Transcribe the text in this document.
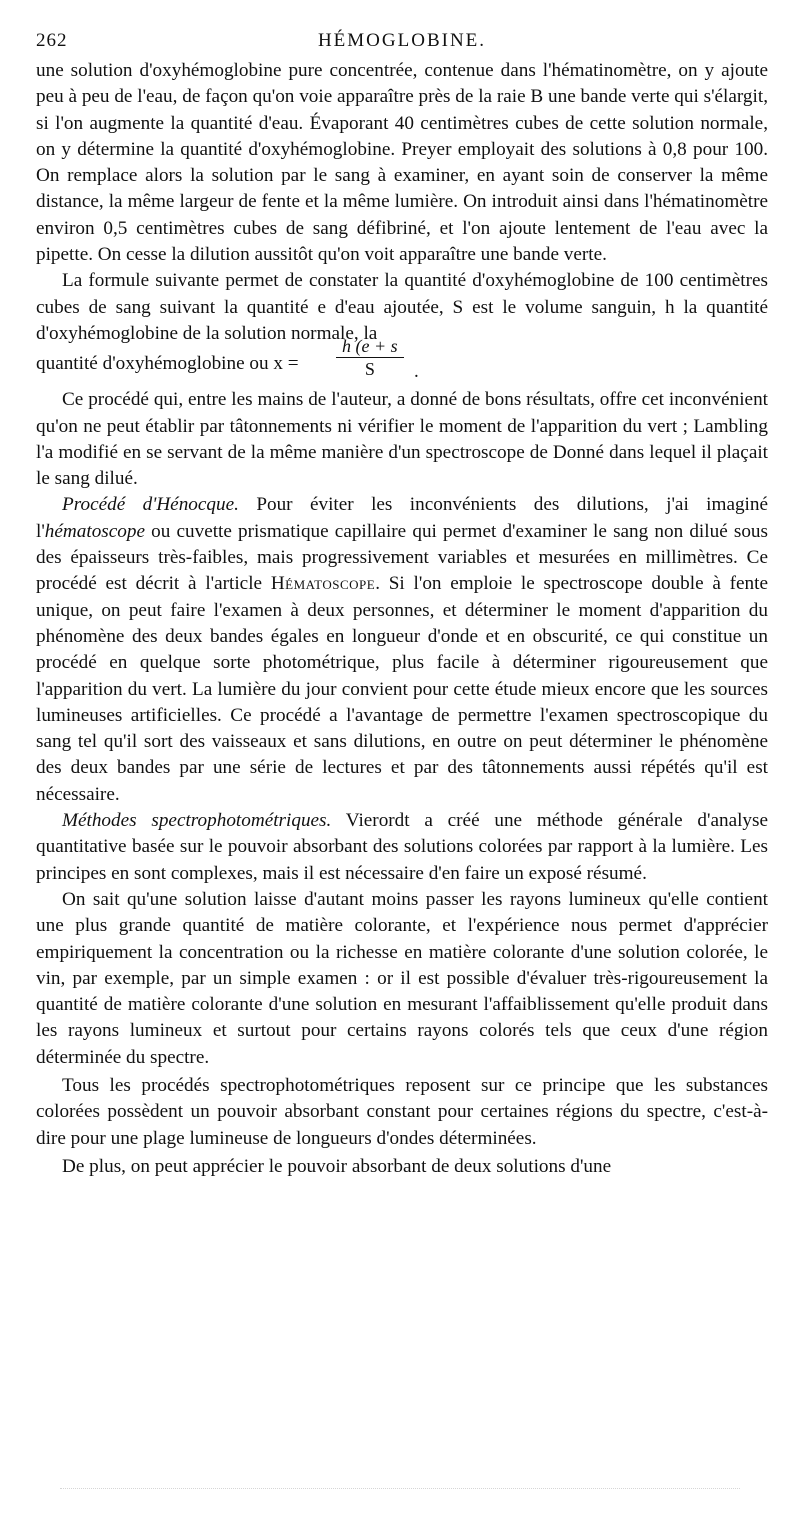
262	HÉMOGLOBINE.

une solution d'oxyhémoglobine pure concentrée, contenue dans l'hématinomètre, on y ajoute peu à peu de l'eau, de façon qu'on voie apparaître près de la raie B une bande verte qui s'élargit, si l'on augmente la quantité d'eau. Évaporant 40 centimètres cubes de cette solution normale, on y détermine la quantité d'oxyhémoglobine. Preyer employait des solutions à 0,8 pour 100. On remplace alors la solution par le sang à examiner, en ayant soin de conserver la même distance, la même largeur de fente et la même lumière. On introduit ainsi dans l'hématinomètre environ 0,5 centimètres cubes de sang défibriné, et l'on ajoute lentement de l'eau avec la pipette. On cesse la dilution aussitôt qu'on voit apparaître une bande verte.

La formule suivante permet de constater la quantité d'oxyhémoglobine de 100 centimètres cubes de sang suivant la quantité e d'eau ajoutée, S est le volume sanguin, h la quantité d'oxyhémoglobine de la solution normale, la

quantité d'oxyhémoglobine ou $x = \frac{h (e + s}{S}$ .

Ce procédé qui, entre les mains de l'auteur, a donné de bons résultats, offre cet inconvénient qu'on ne peut établir par tâtonnements ni vérifier le moment de l'apparition du vert ; Lambling l'a modifié en se servant de la même manière d'un spectroscope de Donné dans lequel il plaçait le sang dilué.

Procédé d'Hénocque. Pour éviter les inconvénients des dilutions, j'ai imaginé l'hématoscope ou cuvette prismatique capillaire qui permet d'examiner le sang non dilué sous des épaisseurs très-faibles, mais progressivement variables et mesurées en millimètres. Ce procédé est décrit à l'article Hématoscope. Si l'on emploie le spectroscope double à fente unique, on peut faire l'examen à deux personnes, et déterminer le moment d'apparition du phénomène des deux bandes égales en longueur d'onde et en obscurité, ce qui constitue un procédé en quelque sorte photométrique, plus facile à déterminer rigoureusement que l'apparition du vert. La lumière du jour convient pour cette étude mieux encore que les sources lumineuses artificielles. Ce procédé a l'avantage de permettre l'examen spectroscopique du sang tel qu'il sort des vaisseaux et sans dilutions, en outre on peut déterminer le phénomène des deux bandes par une série de lectures et par des tâtonnements aussi répétés qu'il est nécessaire.

Méthodes spectrophotométriques. Vierordt a créé une méthode générale d'analyse quantitative basée sur le pouvoir absorbant des solutions colorées par rapport à la lumière. Les principes en sont complexes, mais il est nécessaire d'en faire un exposé résumé.

On sait qu'une solution laisse d'autant moins passer les rayons lumineux qu'elle contient une plus grande quantité de matière colorante, et l'expérience nous permet d'apprécier empiriquement la concentration ou la richesse en matière colorante d'une solution colorée, le vin, par exemple, par un simple examen : or il est possible d'évaluer très-rigoureusement la quantité de matière colorante d'une solution en mesurant l'affaiblissement qu'elle produit dans les rayons lumineux et surtout pour certains rayons colorés tels que ceux d'une région déterminée du spectre.

Tous les procédés spectrophotométriques reposent sur ce principe que les substances colorées possèdent un pouvoir absorbant constant pour certaines régions du spectre, c'est-à-dire pour une plage lumineuse de longueurs d'ondes déterminées.

De plus, on peut apprécier le pouvoir absorbant de deux solutions d'une
